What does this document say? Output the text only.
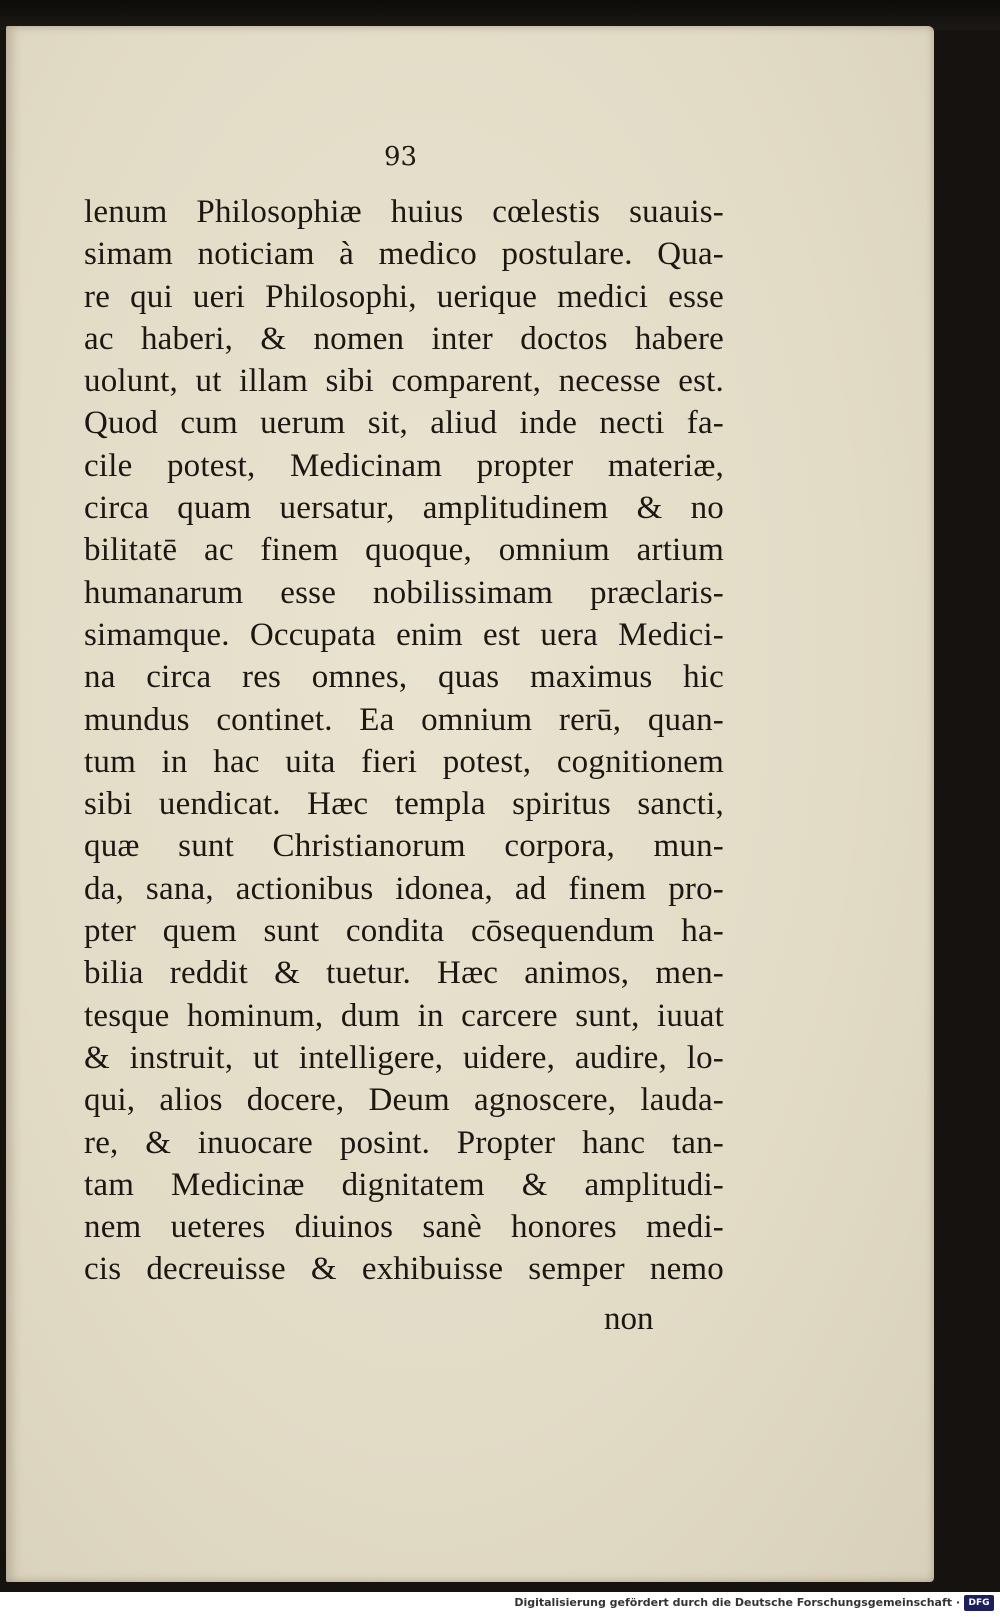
93

lenum Philosophiæ huius cœlestis suauis-
simam noticiam à medico postulare. Qua-
re qui ueri Philosophi, uerique medici esse
ac haberi, & nomen inter doctos habere
uolunt, ut illam sibi comparent, necesse est.
Quod cum uerum sit, aliud inde necti fa-
cile potest, Medicinam propter materiæ,
circa quam uersatur, amplitudinem & no
bilitatē ac finem quoque, omnium artium
humanarum esse nobilissimam præclaris-
simamque. Occupata enim est uera Medici-
na circa res omnes, quas maximus hic
mundus continet. Ea omnium rerū, quan-
tum in hac uita fieri potest, cognitionem
sibi uendicat. Hæc templa spiritus sancti,
quæ sunt Christianorum corpora, mun-
da, sana, actionibus idonea, ad finem pro-
pter quem sunt condita cōsequendum ha-
bilia reddit & tuetur. Hæc animos, men-
tesque hominum, dum in carcere sunt, iuuat
& instruit, ut intelligere, uidere, audire, lo-
qui, alios docere, Deum agnoscere, lauda-
re, & inuocare posint. Propter hanc tan-
tam Medicinæ dignitatem & amplitudi-
nem ueteres diuinos sanè honores medi-
cis decreuisse & exhibuisse semper nemo

non

Digitalisierung gefördert durch die Deutsche Forschungsgemeinschaft · DFG
